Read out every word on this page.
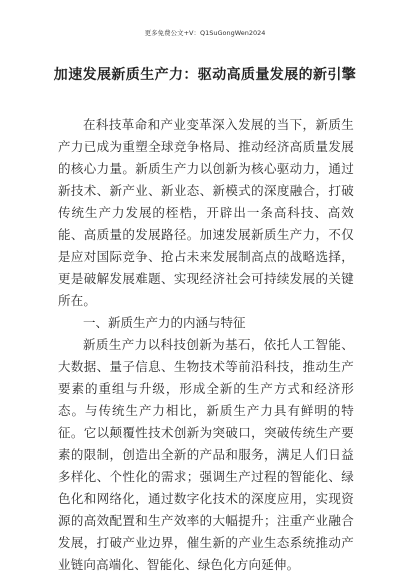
更多免费公文+V：Q1SuGongWen2024
加速发展新质生产力：驱动高质量发展的新引擎

在科技革命和产业变革深入发展的当下，新质生产力已成为重塑全球竞争格局、推动经济高质量发展的核心力量。新质生产力以创新为核心驱动力，通过新技术、新产业、新业态、新模式的深度融合，打破传统生产力发展的桎梏，开辟出一条高科技、高效能、高质量的发展路径。加速发展新质生产力，不仅是应对国际竞争、抢占未来发展制高点的战略选择，更是破解发展难题、实现经济社会可持续发展的关键所在。

一、新质生产力的内涵与特征

新质生产力以科技创新为基石，依托人工智能、大数据、量子信息、生物技术等前沿科技，推动生产要素的重组与升级，形成全新的生产方式和经济形态。与传统生产力相比，新质生产力具有鲜明的特征。它以颠覆性技术创新为突破口，突破传统生产要素的限制，创造出全新的产品和服务，满足人们日益多样化、个性化的需求；强调生产过程的智能化、绿色化和网络化，通过数字化技术的深度应用，实现资源的高效配置和生产效率的大幅提升；注重产业融合发展，打破产业边界，催生新的产业生态系统推动产业链向高端化、智能化、绿色化方向延伸。
